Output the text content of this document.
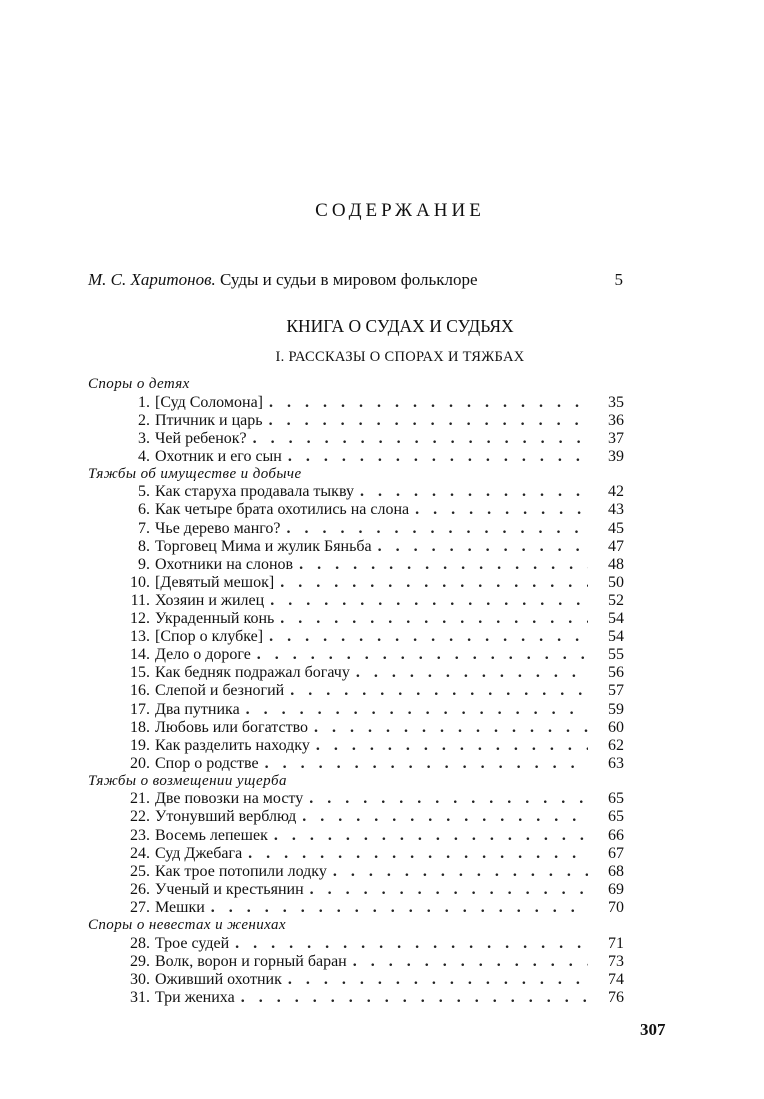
СОДЕРЖАНИЕ
М. С. Харитонов. Суды и судьи в мировом фольклоре	5
КНИГА О СУДАХ И СУДЬЯХ
I. РАССКАЗЫ О СПОРАХ И ТЯЖБАХ
Споры о детях
1. [Суд Соломона] . . .	35
2. Птичник и царь . . .	36
3. Чей ребенок? . . .	37
4. Охотник и его сын . . .	39
Тяжбы об имуществе и добыче
5. Как старуха продавала тыкву . . .	42
6. Как четыре брата охотились на слона . . .	43
7. Чье дерево манго? . . .	45
8. Торговец Мима и жулик Бяньба . . .	47
9. Охотники на слонов . . .	48
10. [Девятый мешок] . . .	50
11. Хозяин и жилец . . .	52
12. Украденный конь . . .	54
13. [Спор о клубке] . . .	54
14. Дело о дороге . . .	55
15. Как бедняк подражал богачу . . .	56
16. Слепой и безногий . . .	57
17. Два путника . . .	59
18. Любовь или богатство . . .	60
19. Как разделить находку . . .	62
20. Спор о родстве . . .	63
Тяжбы о возмещении ущерба
21. Две повозки на мосту . . .	65
22. Утонувший верблюд . . .	65
23. Восемь лепешек . . .	66
24. Суд Джебага . . .	67
25. Как трое потопили лодку . . .	68
26. Ученый и крестьянин . . .	69
27. Мешки . . .	70
Споры о невестах и женихах
28. Трое судей . . .	71
29. Волк, ворон и горный баран . . .	73
30. Оживший охотник . . .	74
31. Три жениха . . .	76
307
